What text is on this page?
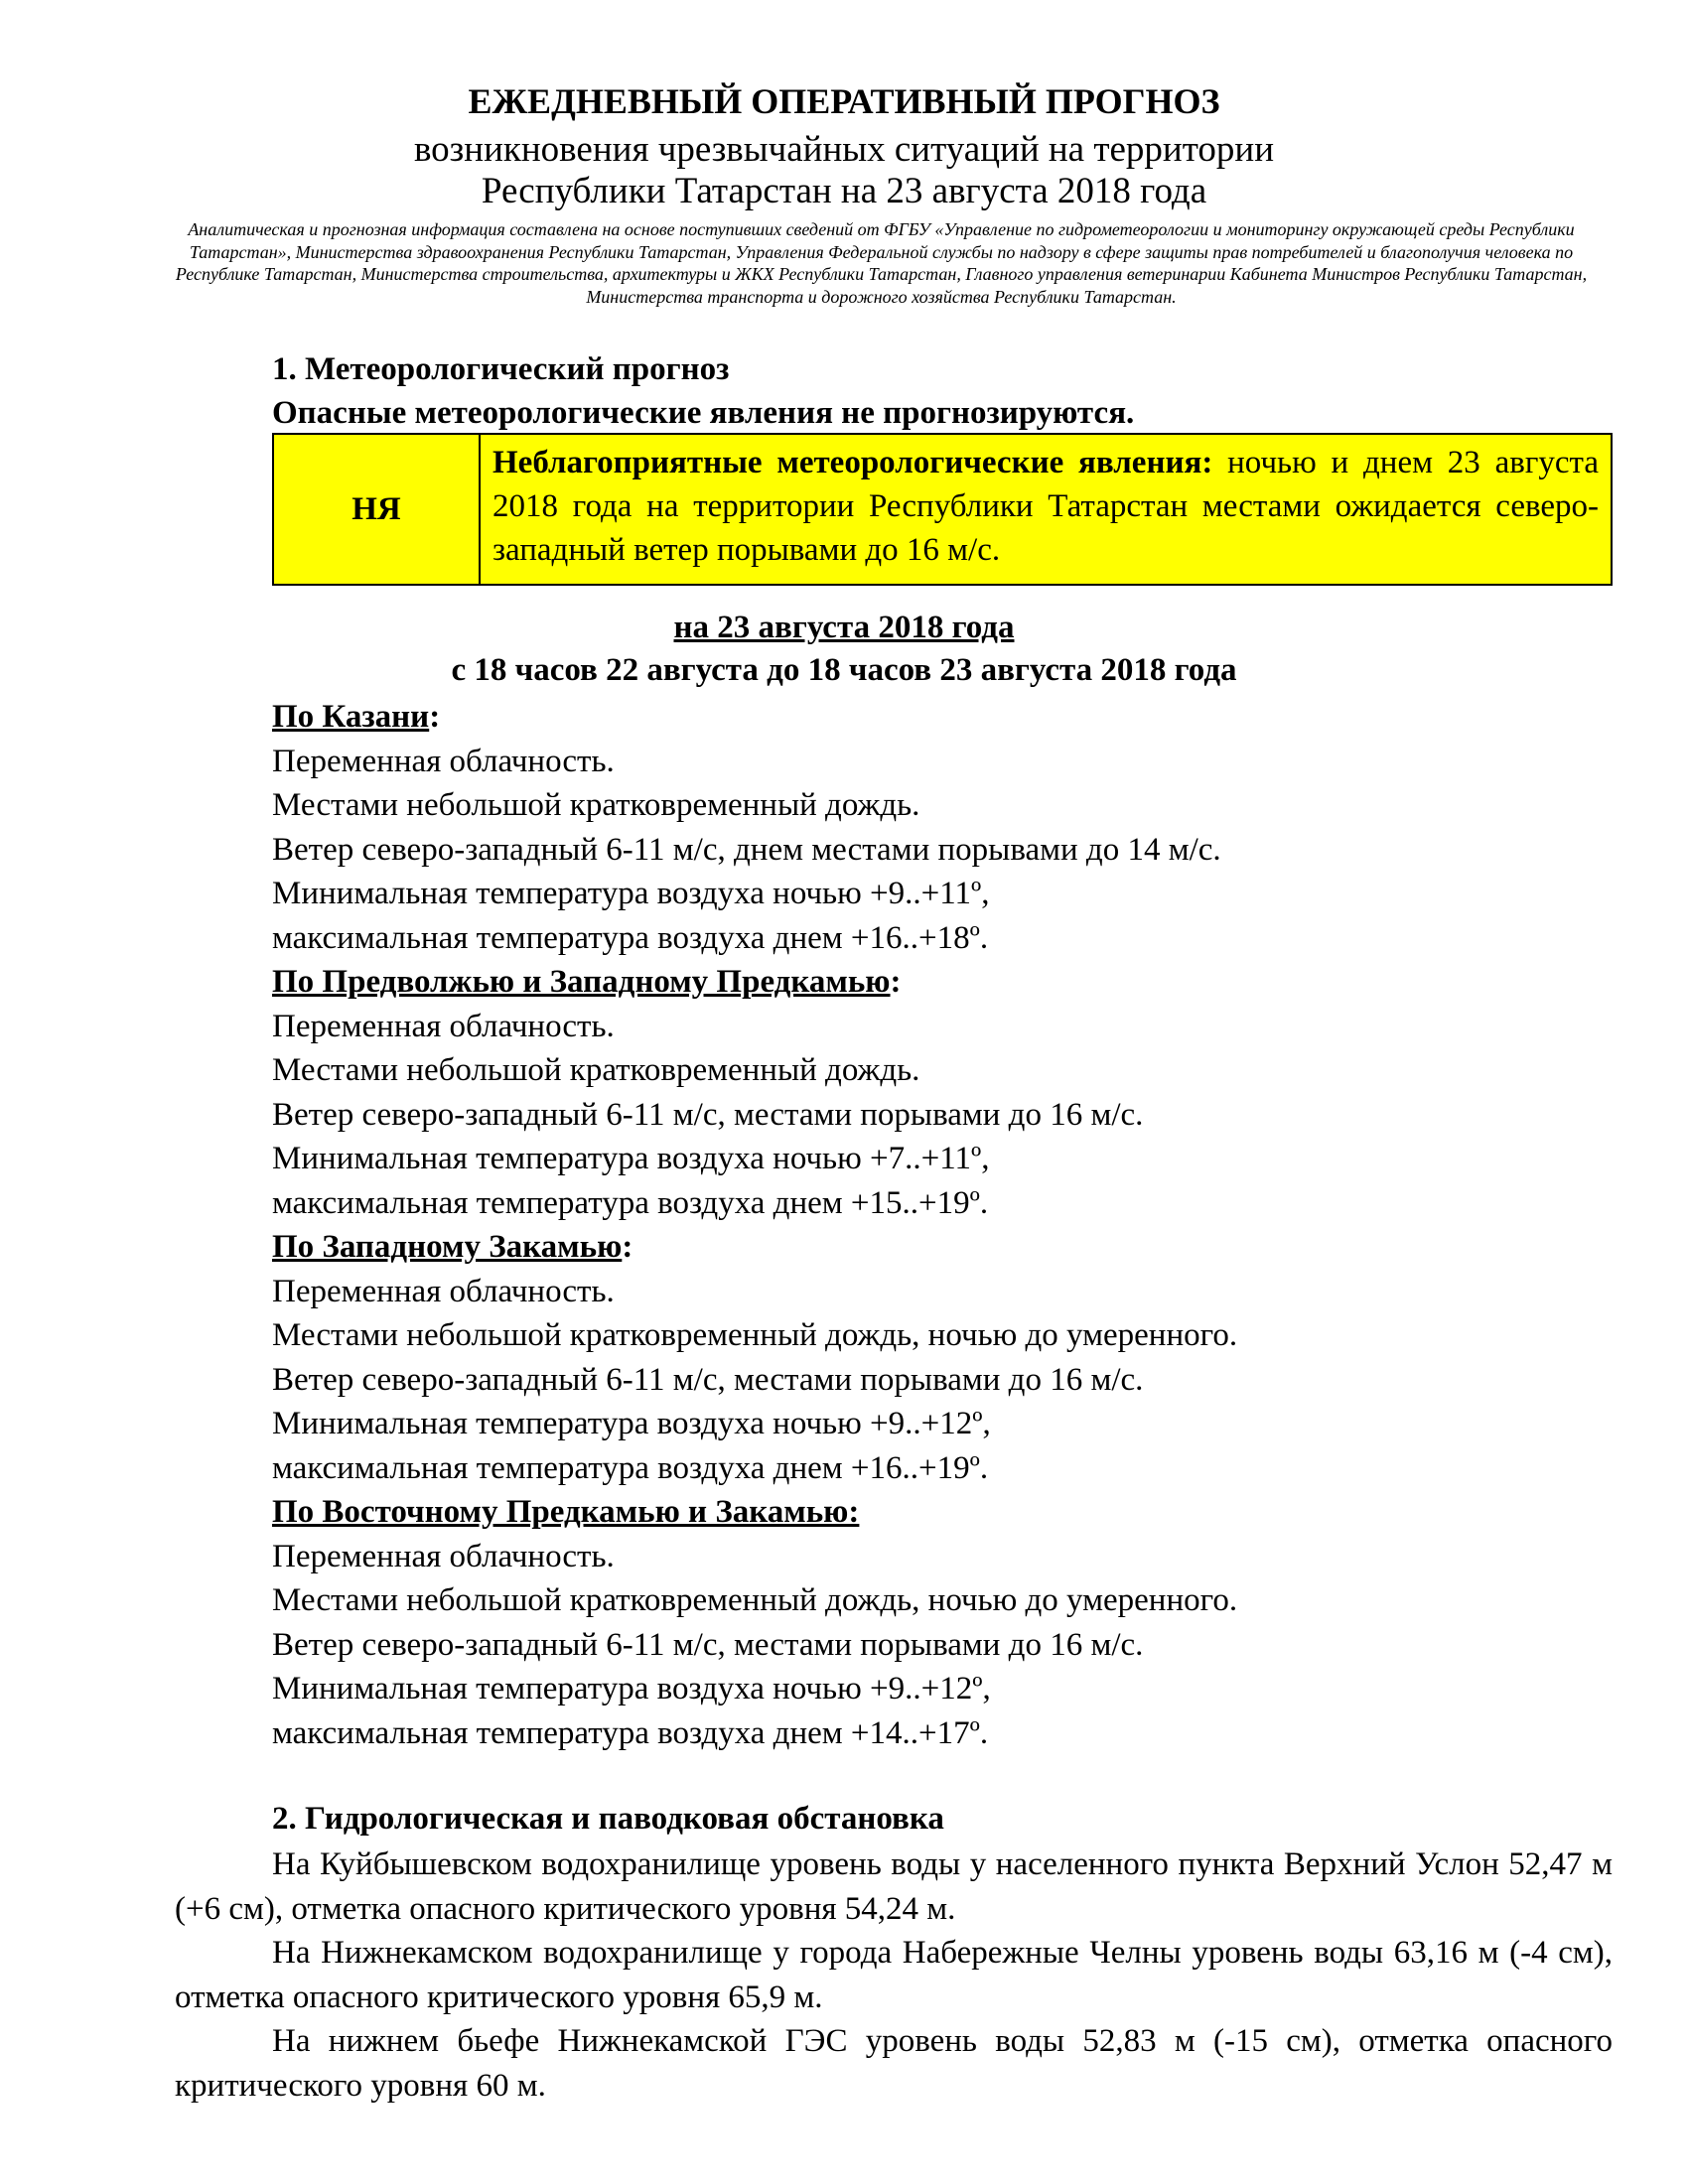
ЕЖЕДНЕВНЫЙ ОПЕРАТИВНЫЙ ПРОГНОЗ
возникновения чрезвычайных ситуаций на территории
Республики Татарстан на 23 августа 2018 года
Аналитическая и прогнозная информация составлена на основе поступивших сведений от ФГБУ «Управление по гидрометеорологии и мониторингу окружающей среды Республики Татарстан», Министерства здравоохранения Республики Татарстан, Управления Федеральной службы по надзору в сфере защиты прав потребителей и благополучия человека по Республике Татарстан, Министерства строительства, архитектуры и ЖКХ Республики Татарстан, Главного управления ветеринарии Кабинета Министров Республики Татарстан, Министерства транспорта и дорожного хозяйства Республики Татарстан.
1. Метеорологический прогноз
Опасные метеорологические явления не прогнозируются.
НЯ
Неблагоприятные метеорологические явления: ночью и днем 23 августа 2018 года на территории Республики Татарстан местами ожидается северо-западный ветер порывами до 16 м/с.
на 23 августа 2018 года
с 18 часов 22 августа до 18 часов 23 августа 2018 года
По Казани:
Переменная облачность.
Местами небольшой кратковременный дождь.
Ветер северо-западный 6-11 м/с, днем местами порывами до 14 м/с.
Минимальная температура воздуха ночью +9..+11º,
максимальная температура воздуха днем +16..+18º.
По Предволжью и Западному Предкамью:
Переменная облачность.
Местами небольшой кратковременный дождь.
Ветер северо-западный 6-11 м/с, местами порывами до 16 м/с.
Минимальная температура воздуха ночью +7..+11º,
максимальная температура воздуха днем +15..+19º.
По Западному Закамью:
Переменная облачность.
Местами небольшой кратковременный дождь, ночью до умеренного.
Ветер северо-западный 6-11 м/с, местами порывами до 16 м/с.
Минимальная температура воздуха ночью +9..+12º,
максимальная температура воздуха днем +16..+19º.
По Восточному Предкамью и Закамью:
Переменная облачность.
Местами небольшой кратковременный дождь, ночью до умеренного.
Ветер северо-западный 6-11 м/с, местами порывами до 16 м/с.
Минимальная температура воздуха ночью +9..+12º,
максимальная температура воздуха днем +14..+17º.
2. Гидрологическая и паводковая обстановка
На Куйбышевском водохранилище уровень воды у населенного пункта Верхний Услон 52,47 м (+6 см), отметка опасного критического уровня 54,24 м.
На Нижнекамском водохранилище у города Набережные Челны уровень воды 63,16 м (-4 см), отметка опасного критического уровня 65,9 м.
На нижнем бьефе Нижнекамской ГЭС уровень воды 52,83 м (-15 см), отметка опасного критического уровня 60 м.
